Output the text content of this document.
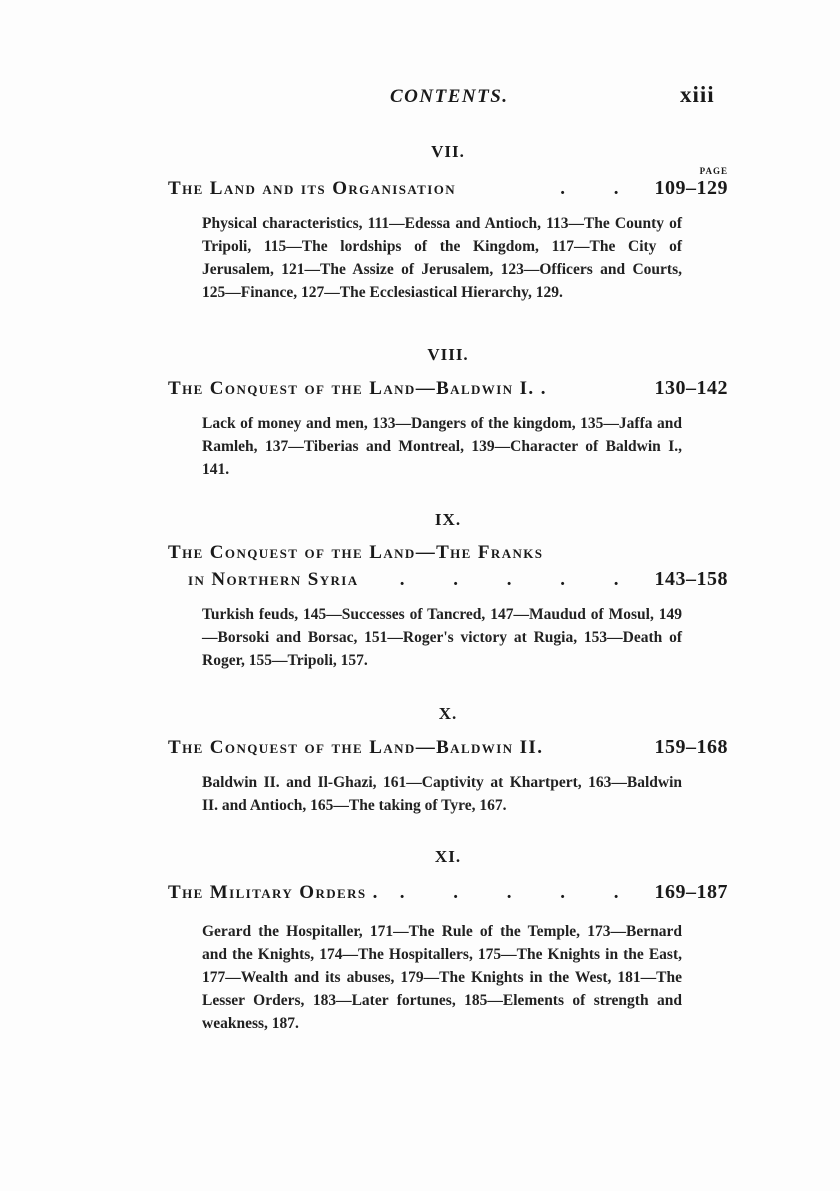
CONTENTS.	xiii
VII.
PAGE
The Land and its Organisation	. . 109–129
Physical characteristics, 111—Edessa and Antioch, 113—The County of Tripoli, 115—The lordships of the Kingdom, 117—The City of Jerusalem, 121—The Assize of Jerusalem, 123—Officers and Courts, 125—Finance, 127—The Ecclesiastical Hierarchy, 129.
VIII.
The Conquest of the Land—Baldwin I. .	130–142
Lack of money and men, 133—Dangers of the kingdom, 135—Jaffa and Ramleh, 137—Tiberias and Montreal, 139—Character of Baldwin I., 141.
IX.
The Conquest of the Land—The Franks
in Northern Syria	. . . . . 143–158
Turkish feuds, 145—Successes of Tancred, 147—Maudud of Mosul, 149—Borsoki and Borsac, 151—Roger's victory at Rugia, 153—Death of Roger, 155—Tripoli, 157.
X.
The Conquest of the Land—Baldwin II.	159–168
Baldwin II. and Il-Ghazi, 161—Captivity at Khartpert, 163—Baldwin II. and Antioch, 165—The taking of Tyre, 167.
XI.
The Military Orders .	. . . . . 169–187
Gerard the Hospitaller, 171—The Rule of the Temple, 173—Bernard and the Knights, 174—The Hospitallers, 175—The Knights in the East, 177—Wealth and its abuses, 179—The Knights in the West, 181—The Lesser Orders, 183—Later fortunes, 185—Elements of strength and weakness, 187.
